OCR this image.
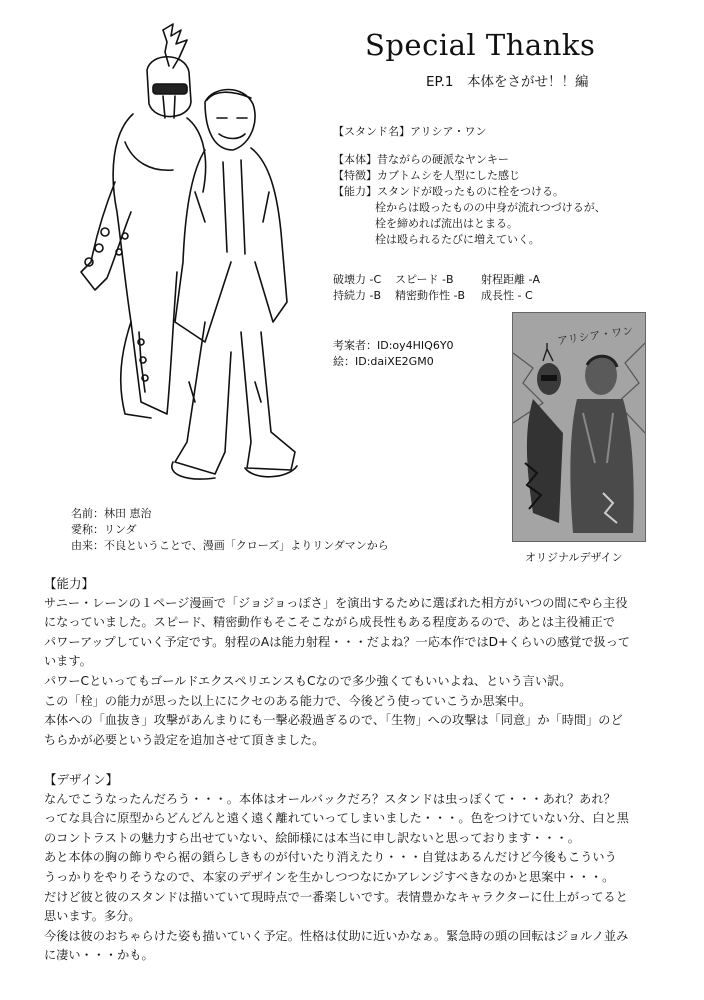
Special Thanks
EP.1　本体をさがせ！！編
【スタンド名】アリシア・ワン
【本体】昔ながらの硬派なヤンキー
【特徴】カブトムシを人型にした感じ
【能力】スタンドが殴ったものに栓をつける。
栓からは殴ったものの中身が流れつづけるが、
栓を締めれば流出はとまる。
栓は殴られるたびに増えていく。
破壊力 -C スピード -B 射程距離 -A
持続力 -B 精密動作性 -B 成長性 - C
考案者：ID:oy4HIQ6Y0
絵：ID:daiXE2GM0
アリシア・ワン
オリジナルデザイン
名前：林田 恵治
愛称：リンダ
由来：不良ということで、漫画「クローズ」よりリンダマンから

【能力】

サニー・レーンの１ページ漫画で「ジョジョっぽさ」を演出するために選ばれた相方がいつの間にやら主役

になっていました。スピード、精密動作もそこそこながら成長性もある程度あるので、あとは主役補正で

パワーアップしていく予定です。射程のAは能力射程・・・だよね？一応本作ではD+くらいの感覚で扱って

います。

パワーCといってもゴールドエクスペリエンスもCなので多少強くてもいいよね、という言い訳。

この「栓」の能力が思った以上ににクセのある能力で、今後どう使っていこうか思案中。

本体への「血抜き」攻撃があんまりにも一撃必殺過ぎるので、「生物」への攻撃は「同意」か「時間」のど

ちらかが必要という設定を追加させて頂きました。

【デザイン】

なんでこうなったんだろう・・・。本体はオールバックだろ？スタンドは虫っぽくて・・・あれ？あれ？

ってな具合に原型からどんどんと遠く遠く離れていってしまいました・・・。色をつけていない分、白と黒

のコントラストの魅力すら出せていない、絵師様には本当に申し訳ないと思っております・・・。

あと本体の胸の飾りやら裾の鎖らしきものが付いたり消えたり・・・自覚はあるんだけど今後もこういう

うっかりをやりそうなので、本家のデザインを生かしつつなにかアレンジすべきなのかと思案中・・・。

だけど彼と彼のスタンドは描いていて現時点で一番楽しいです。表情豊かなキャラクターに仕上がってると

思います。多分。

今後は彼のおちゃらけた姿も描いていく予定。性格は仗助に近いかなぁ。緊急時の頭の回転はジョルノ並み

に凄い・・・かも。
